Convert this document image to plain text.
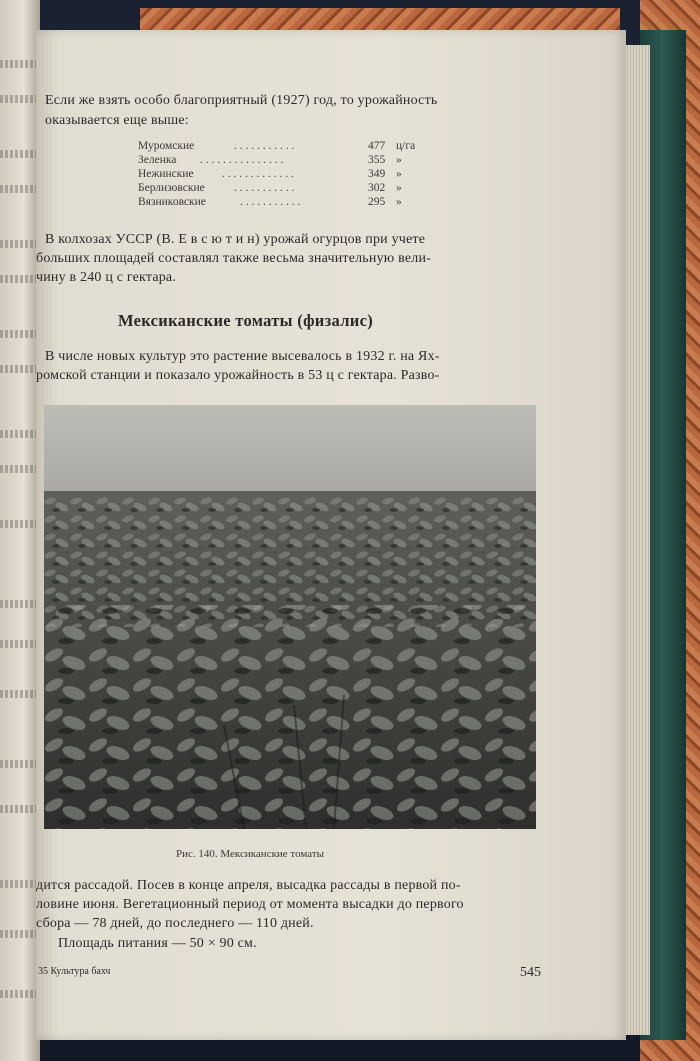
Если же взять особо благоприятный (1927) год, то урожайность
оказывается еще выше:
Муромские	. . . . . . . . . . .	477 ц/га
Зеленка . . . . . . . . . . . . . . .	355 »
Нежинские . . . . . . . . . . . . .	349 »
Берлизовские	. . . . . . . . . . .	302 »
Вязниковские	. . . . . . . . . . .	295 »
В колхозах УССР (В. Е в с ю т и н) урожай огурцов при учете
больших площадей составлял также весьма значительную вели-
чину в 240 ц с гектара.
Мексиканские томаты (физалис)
В числе новых культур это растение высевалось в 1932 г. на Ях-
ромской станции и показало урожайность в 53 ц с гектара. Разво-
Рис. 140. Мексиканские томаты
дится рассадой. Посев в конце апреля, высадка рассады в первой по-
ловине июня. Вегетационный период от момента высадки до первого
сбора — 78 дней, до последнего — 110 дней.
Площадь питания — 50 × 90 см.
35 Культура бахч	545
